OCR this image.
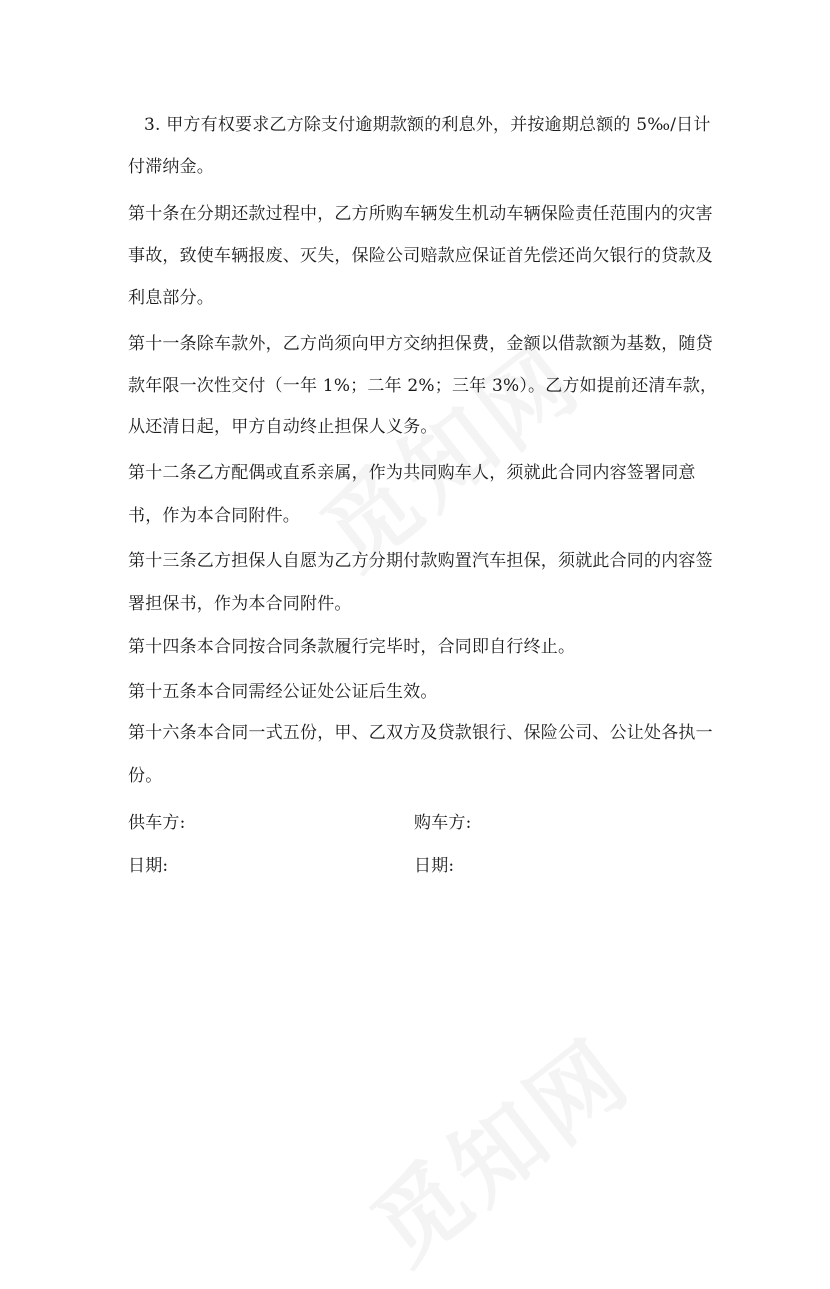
3. 甲方有权要求乙方除支付逾期款额的利息外，并按逾期总额的 5‰/日计
付滞纳金。
第十条在分期还款过程中，乙方所购车辆发生机动车辆保险责任范围内的灾害
事故，致使车辆报废、灭失，保险公司赔款应保证首先偿还尚欠银行的贷款及
利息部分。
第十一条除车款外，乙方尚须向甲方交纳担保费，金额以借款额为基数，随贷
款年限一次性交付（一年 1%；二年 2%；三年 3%）。乙方如提前还清车款，
从还清日起，甲方自动终止担保人义务。
第十二条乙方配偶或直系亲属，作为共同购车人，须就此合同内容签署同意
书，作为本合同附件。
第十三条乙方担保人自愿为乙方分期付款购置汽车担保，须就此合同的内容签
署担保书，作为本合同附件。
第十四条本合同按合同条款履行完毕时，合同即自行终止。
第十五条本合同需经公证处公证后生效。
第十六条本合同一式五份，甲、乙双方及贷款银行、保险公司、公让处各执一
份。
供车方:	购车方:
日期:	日期:
